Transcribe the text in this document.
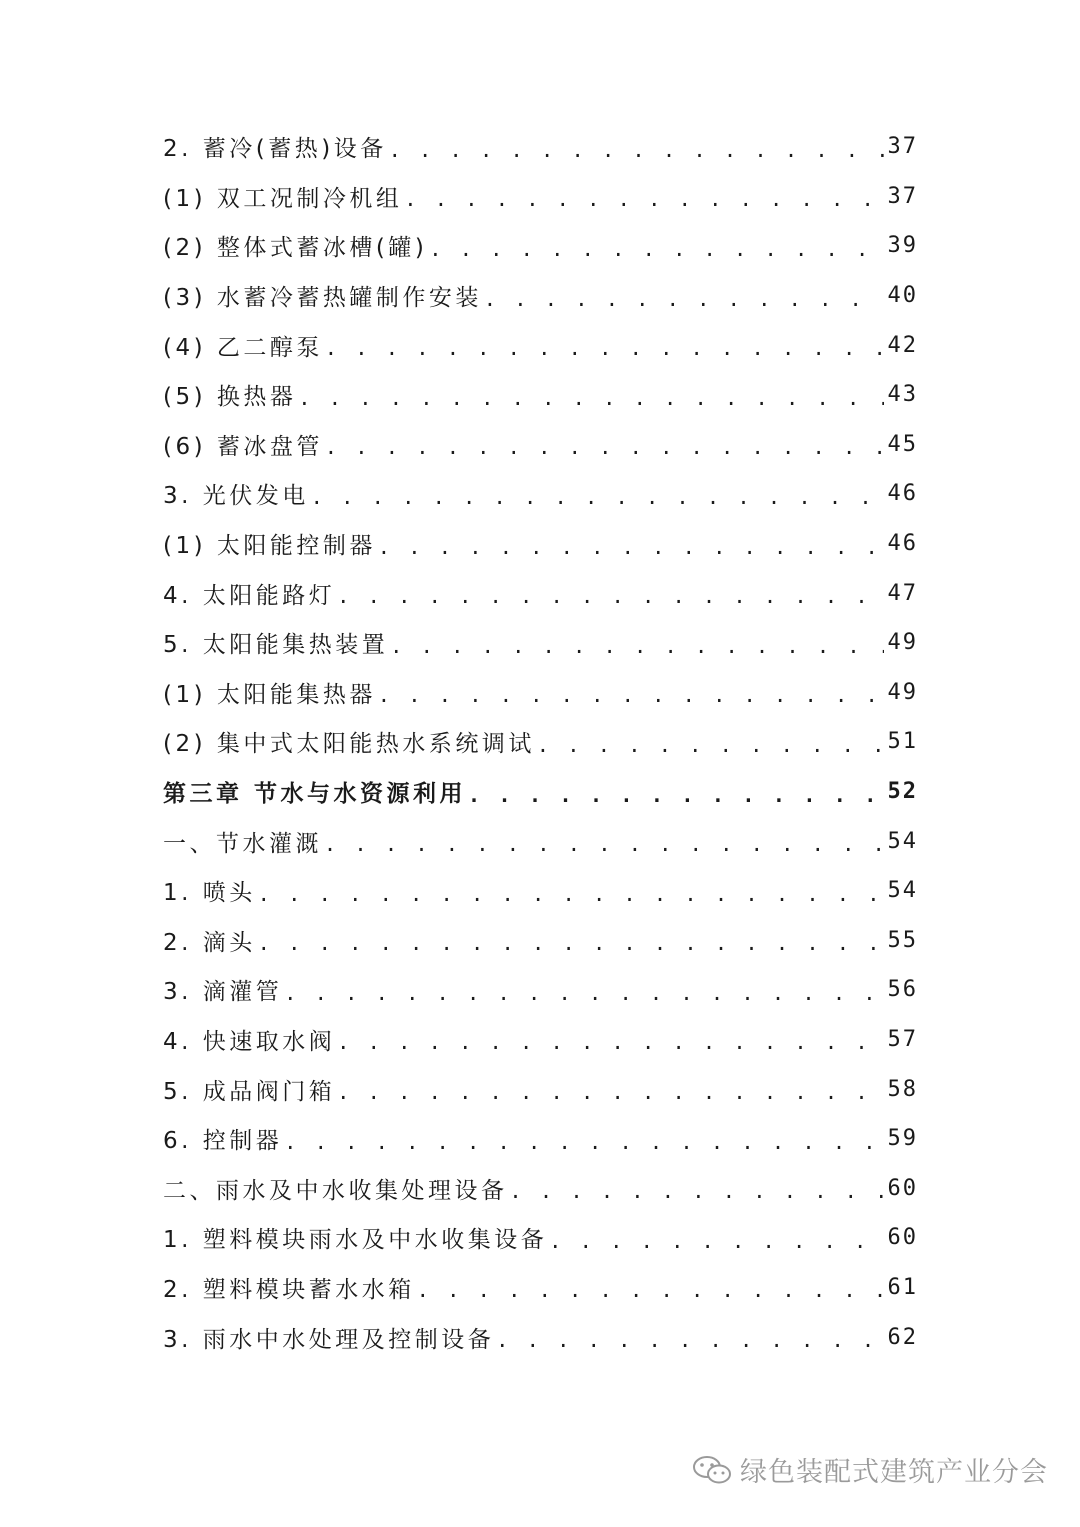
2. 蓄冷(蓄热)设备 . . .	37
(1) 双工况制冷机组 . . .	37
(2) 整体式蓄冰槽(罐) . . .	39
(3) 水蓄冷蓄热罐制作安装 . . .	40
(4) 乙二醇泵 . . .	42
(5) 换热器 . . .	43
(6) 蓄冰盘管 . . .	45
3. 光伏发电 . . .	46
(1) 太阳能控制器 . . .	46
4. 太阳能路灯 . . .	47
5. 太阳能集热装置 . . .	49
(1) 太阳能集热器 . . .	49
(2) 集中式太阳能热水系统调试 . . .	51
第三章 节水与水资源利用 . . .	52
一、节水灌溉 . . .	54
1. 喷头 . . .	54
2. 滴头 . . .	55
3. 滴灌管 . . .	56
4. 快速取水阀 . . .	57
5. 成品阀门箱 . . .	58
6. 控制器 . . .	59
二、雨水及中水收集处理设备 . . .	60
1. 塑料模块雨水及中水收集设备 . . .	60
2. 塑料模块蓄水水箱 . . .	61
3. 雨水中水处理及控制设备 . . .	62
绿色装配式建筑产业分会
